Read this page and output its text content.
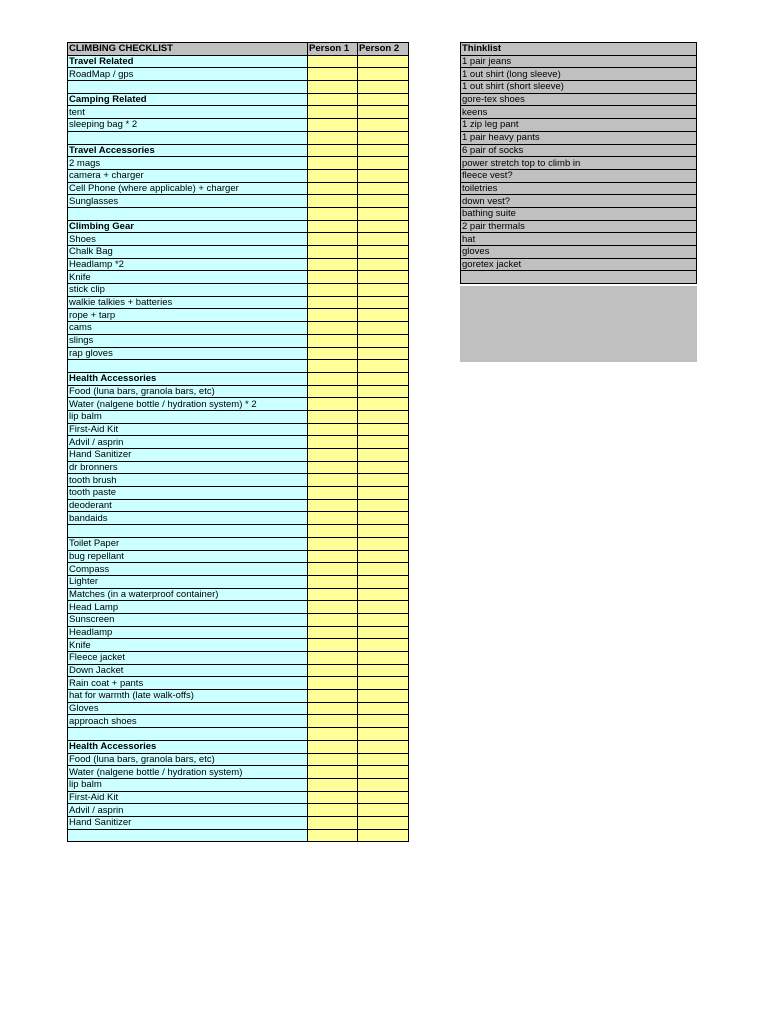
CLIMBING CHECKLIST	Person 1	Person 2
Travel Related		
RoadMap / gps		

Camping Related		
tent		
sleeping bag * 2		

Travel Accessories		
2 mags		
camera + charger		
Cell Phone (where applicable) + charger		
Sunglasses		

Climbing Gear		
Shoes		
Chalk Bag		
Headlamp *2		
Knife		
stick clip		
walkie talkies + batteries		
rope + tarp		
cams		
slings		
rap gloves		

Health Accessories		
Food (luna bars, granola bars, etc)		
Water (nalgene bottle / hydration system) * 2		
lip balm		
First-Aid Kit		
Advil / asprin		
Hand Sanitizer		
dr bronners		
tooth brush		
tooth paste		
deoderant		
bandaids		

Toilet Paper		
bug repellant		
Compass		
Lighter		
Matches (in a waterproof container)		
Head Lamp		
Sunscreen		
Headlamp		
Knife		
Fleece jacket		
Down Jacket		
Rain coat + pants		
hat for warmth (late walk-offs)		
Gloves		
approach shoes		

Health Accessories		
Food (luna bars, granola bars, etc)		
Water (nalgene bottle / hydration system)		
lip balm		
First-Aid Kit		
Advil / asprin		
Hand Sanitizer		

Thinklist
1 pair jeans
1 out shirt (long sleeve)
1 out shirt (short sleeve)
gore-tex shoes
keens
1 zip leg pant
1 pair heavy pants
6 pair of socks
power stretch top to climb in
fleece vest?
toiletries
down vest?
bathing suite
2 pair thermals
hat
gloves
goretex jacket
